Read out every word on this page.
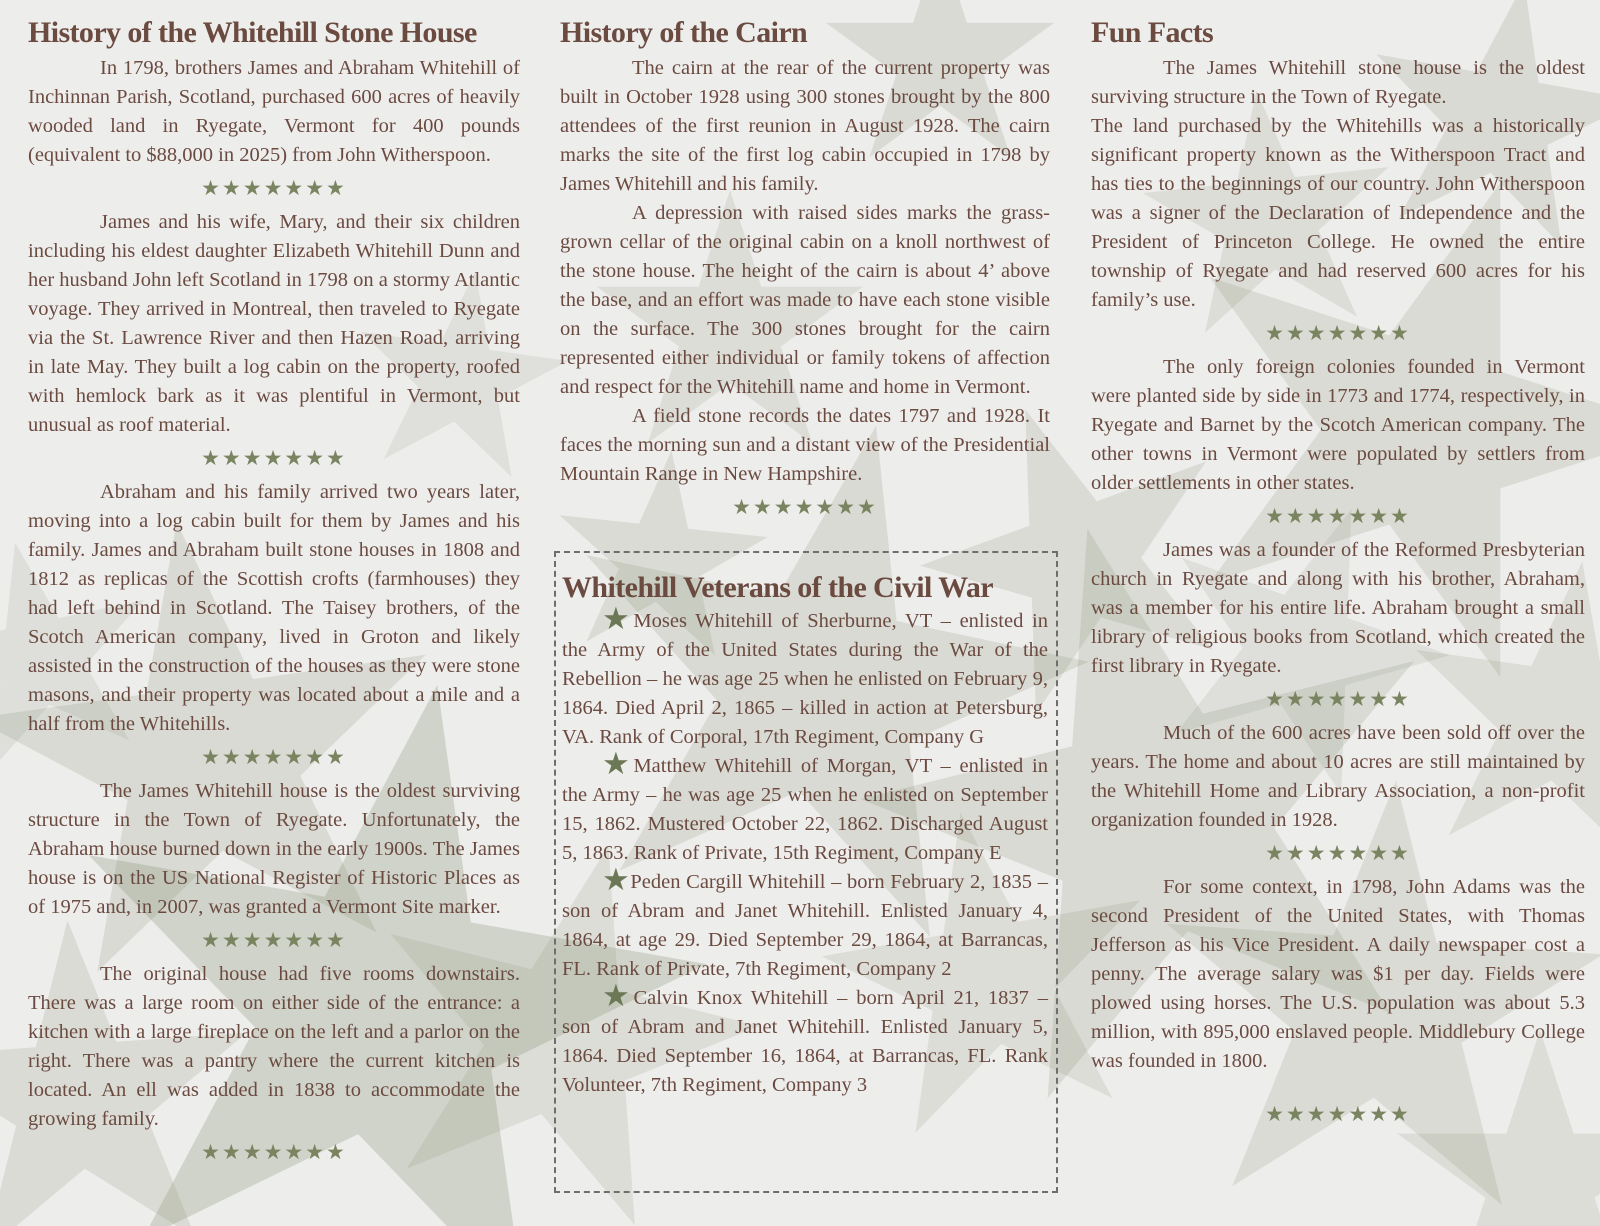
History of the Whitehill Stone House

In 1798, brothers James and Abraham Whitehill of Inchinnan Parish, Scotland, purchased 600 acres of heavily wooded land in Ryegate, Vermont for 400 pounds (equivalent to $88,000 in 2025) from John Witherspoon.

★★★★★★★

James and his wife, Mary, and their six children including his eldest daughter Elizabeth Whitehill Dunn and her husband John left Scotland in 1798 on a stormy Atlantic voyage. They arrived in Montreal, then traveled to Ryegate via the St. Lawrence River and then Hazen Road, arriving in late May. They built a log cabin on the property, roofed with hemlock bark as it was plentiful in Vermont, but unusual as roof material.

★★★★★★★

Abraham and his family arrived two years later, moving into a log cabin built for them by James and his family. James and Abraham built stone houses in 1808 and 1812 as replicas of the Scottish crofts (farmhouses) they had left behind in Scotland. The Taisey brothers, of the Scotch American company, lived in Groton and likely assisted in the construction of the houses as they were stone masons, and their property was located about a mile and a half from the Whitehills.

★★★★★★★

The James Whitehill house is the oldest surviving structure in the Town of Ryegate. Unfortunately, the Abraham house burned down in the early 1900s. The James house is on the US National Register of Historic Places as of 1975 and, in 2007, was granted a Vermont Site marker.

★★★★★★★

The original house had five rooms downstairs. There was a large room on either side of the entrance: a kitchen with a large fireplace on the left and a parlor on the right. There was a pantry where the current kitchen is located. An ell was added in 1838 to accommodate the growing family.

★★★★★★★
History of the Cairn

The cairn at the rear of the current property was built in October 1928 using 300 stones brought by the 800 attendees of the first reunion in August 1928. The cairn marks the site of the first log cabin occupied in 1798 by James Whitehill and his family.

A depression with raised sides marks the grass-grown cellar of the original cabin on a knoll northwest of the stone house. The height of the cairn is about 4’ above the base, and an effort was made to have each stone visible on the surface. The 300 stones brought for the cairn represented either individual or family tokens of affection and respect for the Whitehill name and home in Vermont.

A field stone records the dates 1797 and 1928. It faces the morning sun and a distant view of the Presidential Mountain Range in New Hampshire.

★★★★★★★
Whitehill Veterans of the Civil War

★Moses Whitehill of Sherburne, VT – enlisted in the Army of the United States during the War of the Rebellion – he was age 25 when he enlisted on February 9, 1864. Died April 2, 1865 – killed in action at Petersburg, VA. Rank of Corporal, 17th Regiment, Company G

★Matthew Whitehill of Morgan, VT – enlisted in the Army – he was age 25 when he enlisted on September 15, 1862. Mustered October 22, 1862. Discharged August 5, 1863. Rank of Private, 15th Regiment, Company E

★Peden Cargill Whitehill – born February 2, 1835 – son of Abram and Janet Whitehill. Enlisted January 4, 1864, at age 29. Died September 29, 1864, at Barrancas, FL. Rank of Private, 7th Regiment, Company 2

★Calvin Knox Whitehill – born April 21, 1837 – son of Abram and Janet Whitehill. Enlisted January 5, 1864. Died September 16, 1864, at Barrancas, FL. Rank Volunteer, 7th Regiment, Company 3

Fun Facts

The James Whitehill stone house is the oldest surviving structure in the Town of Ryegate.

The land purchased by the Whitehills was a historically significant property known as the Witherspoon Tract and has ties to the beginnings of our country. John Witherspoon was a signer of the Declaration of Independence and the President of Princeton College. He owned the entire township of Ryegate and had reserved 600 acres for his family’s use.

★★★★★★★

The only foreign colonies founded in Vermont were planted side by side in 1773 and 1774, respectively, in Ryegate and Barnet by the Scotch American company. The other towns in Vermont were populated by settlers from older settlements in other states.

★★★★★★★

James was a founder of the Reformed Presbyterian church in Ryegate and along with his brother, Abraham, was a member for his entire life. Abraham brought a small library of religious books from Scotland, which created the first library in Ryegate.

★★★★★★★

Much of the 600 acres have been sold off over the years. The home and about 10 acres are still maintained by the Whitehill Home and Library Association, a non-profit organization founded in 1928.

★★★★★★★

For some context, in 1798, John Adams was the second President of the United States, with Thomas Jefferson as his Vice President. A daily newspaper cost a penny. The average salary was $1 per day. Fields were plowed using horses. The U.S. population was about 5.3 million, with 895,000 enslaved people. Middlebury College was founded in 1800.

★★★★★★★
